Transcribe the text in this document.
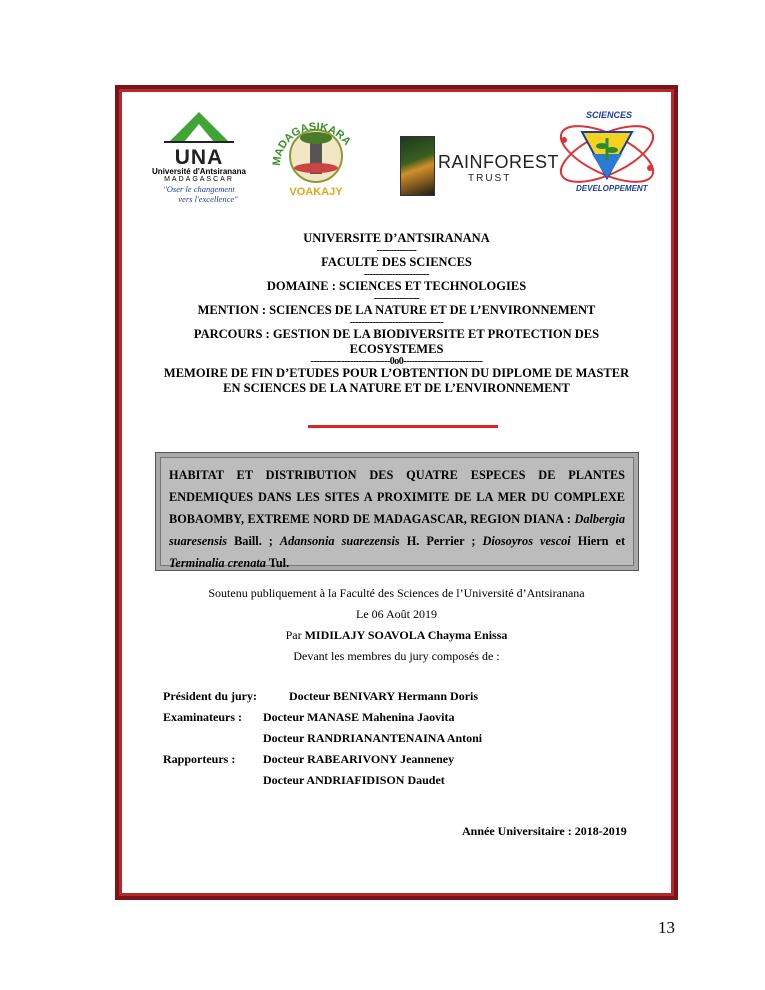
UNA
Université d'Antsiranana
MADAGASCAR
"Oser le changement
vers l'excellence"
MADAGASIKARA
VOAKAJY
RAINFOREST
TRUST
SCIENCES
DEVELOPPEMENT
UNIVERSITE D’ANTSIRANANA
--------------
FACULTE DES SCIENCES
-----------------------
DOMAINE : SCIENCES ET TECHNOLOGIES
----------------
MENTION : SCIENCES DE LA NATURE ET DE L’ENVIRONNEMENT
---------------------------------
PARCOURS : GESTION DE LA BIODIVERSITE ET PROTECTION DES
ECOSYSTEMES
----------------------------0o0----------------------------
MEMOIRE DE FIN D’ETUDES POUR L’OBTENTION DU DIPLOME DE MASTER
EN SCIENCES DE LA NATURE ET DE L’ENVIRONNEMENT
HABITAT ET DISTRIBUTION DES QUATRE ESPECES DE PLANTES ENDEMIQUES DANS LES SITES A PROXIMITE DE LA MER DU COMPLEXE BOBAOMBY, EXTREME NORD DE MADAGASCAR, REGION DIANA : Dalbergia suaresensis Baill. ; Adansonia suarezensis H. Perrier ; Diosoyros vescoi Hiern et Terminalia crenata Tul.
Soutenu publiquement à la Faculté des Sciences de l’Université d’Antsiranana
Le 06 Août 2019
Par MIDILAJY SOAVOLA Chayma Enissa
Devant les membres du jury composés de :
Président du jury:	Docteur BENIVARY Hermann Doris
Examinateurs : Docteur MANASE Mahenina Jaovita
Docteur RANDRIANANTENAINA Antoni
Rapporteurs : Docteur RABEARIVONY Jeanneney
Docteur ANDRIAFIDISON Daudet
Année Universitaire : 2018-2019
13
